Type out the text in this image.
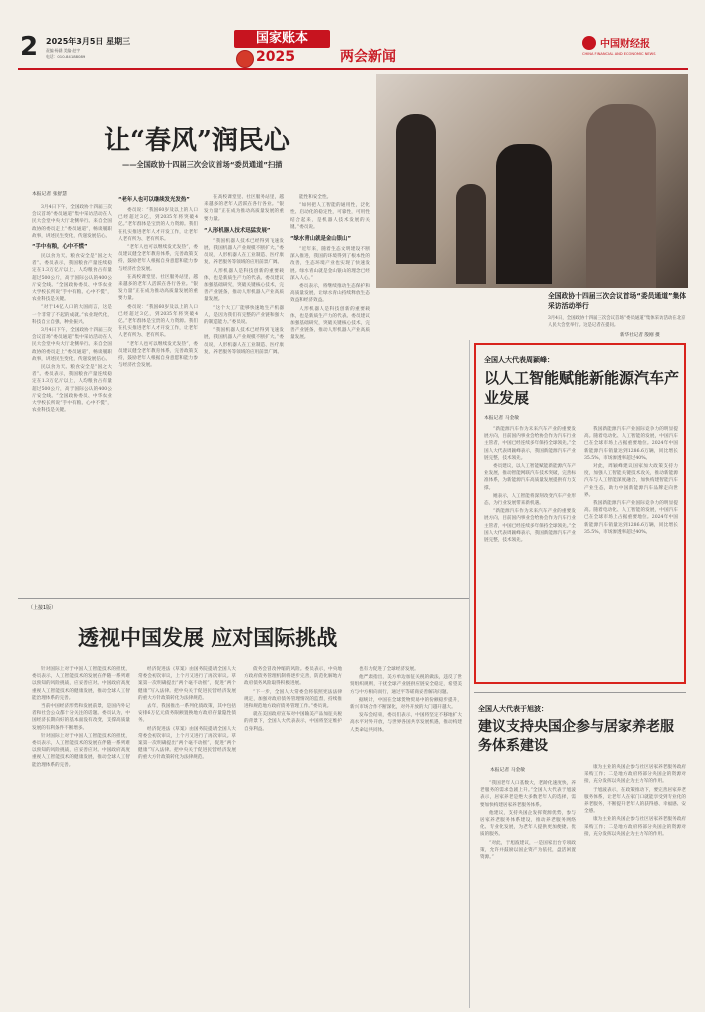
2 2025年3月5日 星期三
责编·杨涵 美编·赵宇
电话：010-84188089
国家账本
2025	两会新闻
中国财经报
CHINA FINANCIAL AND ECONOMIC NEWS
让“春风”润民心
——全国政协十四届三次会议首场“委员通道”扫描
本报记者 张舒慧

3月4日下午，全国政协十四届三次会议首场“委员通道”集中采访活动在人民大会堂中央大厅北侧举行。来自全国政协的委员走上“委员通道”，畅谈履职故事，讲述民生变化，传递发展信心。

“手中有粮，心中不慌”

民以食为天。粮食安全是“国之大者”。委员表示，我国粮食产量连续稳定在1.3万亿斤以上，人均粮食占有量超过500公斤，高于国际公认的400公斤安全线。“全国政协委员、中华农业大学校长所说“手中有粮、心中不慌”，农业科技是关键。

“对于14亿人口的大国而言，这是一个非常了不起的成就。”农业现代化，科技自立自强，种业振兴。

3月4日下午，全国政协十四届三次会议首场“委员通道”集中采访活动在人民大会堂中央大厅北侧举行。来自全国政协的委员走上“委员通道”，畅谈履职故事，讲述民生变化，传递发展信心。

民以食为天。粮食安全是“国之大者”。委员表示，我国粮食产量连续稳定在1.3万亿斤以上，人均粮食占有量超过500公斤，高于国际公认的400公斤安全线。“全国政协委员、中华农业大学校长所说“手中有粮、心中不慌”，农业科技是关键。

“老年人也可以继续发光发热”

委员说：“我国60岁及以上的人口已经超过3亿，到2035年将突破4亿。”老年群体是宝贵的人力资源。我们在扎实推进老年人才开发工作，让老年人老有所为、老有所乐。

“老年人也可以继续发光发热”，委员建议健全老年教育体系，完善政策支持，鼓励老年人根据自身意愿和能力参与经济社会发展。

在高校课堂里、社区服务站里，越来越多的老年人活跃在各行各业。“银发力量”正在成为推动高质量发展的重要力量。

委员说：“我国60岁及以上的人口已经超过3亿，到2035年将突破4亿。”老年群体是宝贵的人力资源。我们在扎实推进老年人才开发工作，让老年人老有所为、老有所乐。

“老年人也可以继续发光发热”，委员建议健全老年教育体系，完善政策支持，鼓励老年人根据自身意愿和能力参与经济社会发展。

在高校课堂里、社区服务站里，越来越多的老年人活跃在各行各业。“银发力量”正在成为推动高质量发展的重要力量。

“人形机器人技术迅猛发展”

“我国机器人技术已经得到飞速发展，我国机器人产业规模不断扩大。”委员说，人形机器人在工业制造、医疗康复、养老服务等领域的应用前景广阔。

人形机器人是科技创新的重要载体，也是新质生产力的代表。委员建议加强基础研究，突破关键核心技术，完善产业链条，推动人形机器人产业高质量发展。

“这个大工厂能够快速地生产机器人，是因为我们有完整的产业链和强大的制造能力。”委员说。

“我国机器人技术已经得到飞速发展，我国机器人产业规模不断扩大。”委员说，人形机器人在工业制造、医疗康复、养老服务等领域的应用前景广阔。

能性和安全性。

“如何把人工智能的通用性，泛化性、启动化的稳定性，可靠性，可用性结合起来，是机器人技术发展的关键。”委员说。

“绿水青山就是金山银山”

“近年来，随着生态文明建设不断深入推进，我国的环境得到了根本性的改善，生态环境产业也实现了快速发展。绿水青山就是金山银山的理念已经深入人心。”

委员表示，将继续推动生态保护和高质量发展，让绿水青山持续释放生态效益和经济效益。

人形机器人是科技创新的重要载体，也是新质生产力的代表。委员建议加强基础研究，突破关键核心技术，完善产业链条，推动人形机器人产业高质量发展。

全国政协十四届三次会议首场“委员通道”集体采访活动举行
3月4日，全国政协十四届三次会议首场“委员通道”集体采访活动在北京人民大会堂举行。这是记者在提问。
新华社记者 殷刚 摄
全国人大代表周颖峰：
以人工智能赋能新能源汽车产业发展
本报记者 马金敏

“新能源汽车作为未来汽车产业的重要发展方向，目前国内事业会给协会作为汽车行业主管者，中国已经连续多年保持全球领先。”全国人大代表周颖峰表示，我国新能源汽车产业链完整，技术领先。

委员建议，以人工智能赋能新能源汽车产业发展，推动智能网联汽车技术突破，完善标准体系，为新能源汽车高质量发展提供有力支撑。

她表示，人工智能将深刻改变汽车产业形态，为行业发展带来新机遇。

“新能源汽车作为未来汽车产业的重要发展方向，目前国内事业会给协会作为汽车行业主管者，中国已经连续多年保持全球领先。”全国人大代表周颖峰表示，我国新能源汽车产业链完整，技术领先。

我国新能源汽车产业国际竞争力的明显提高。随着电动化、人工智能的发展，中国汽车已在全球市场上占据重要地位。2024年中国新能源汽车销量达到1286.6万辆，同比增长35.5%，市场渗透率超过40%。

对此，周颖峰建议国家加大政策支持力度，加强人工智能关键技术攻关，推动新能源汽车与人工智能深度融合，加快构建智能汽车产业生态，助力中国新能源汽车品牌走向世界。

我国新能源汽车产业国际竞争力的明显提高。随着电动化、人工智能的发展，中国汽车已在全球市场上占据重要地位。2024年中国新能源汽车销量达到1286.6万辆，同比增长35.5%，市场渗透率超过40%。

全国人大代表于旭波：
建议支持央国企参与居家养老服务体系建设
本报记者 马金敏

“我国老年人口基数大，老龄化速度快，养老服务的需求急剧上升。”全国人大代表于旭波表示，居家养老是绝大多数老年人的选择，需要加快构建居家养老服务体系。

他建议，支持央国企发挥资源优势，参与居家养老服务体系建设，推动养老服务网络化、专业化发展，为老年人提供更加便捷、优质的服务。

“对此，于旭波建议，一是国家出台专项政策，允许并鼓励以国企资产为依托，盘活闲置资源。”

康为主业的央国企参与社区居家养老服务政府采购工作；二是地方政府将部分央国企的资源对接，充分发挥以央国企为主力军的作用。

于旭波表示，在政策推动下，要完善居家养老服务体系，让老年人在家门口就能享受到专业化的养老服务，不断提升老年人的获得感、幸福感、安全感。

康为主业的央国企参与社区居家养老服务政府采购工作；二是地方政府将部分央国企的资源对接，充分发挥以央国企为主力军的作用。

（上接1版）
透视中国发展 应对国际挑战

针对国际上对于中国人工智能技术的担忧，委员表示，人工智能技术的发展在伴随一系列难以预知的风险挑战，应妥善应对。中国政府高度重视人工智能技术的健康发展，推动全球人工智能治理体系的完善。

当前中国经济形势和发展前景，是国内外记者和社会公众都十分关注的话题。委员认为，中国经济长期向好的基本面没有改变，支撑高质量发展的有利条件不断增多。

针对国际上对于中国人工智能技术的担忧，委员表示，人工智能技术的发展在伴随一系列难以预知的风险挑战，应妥善应对。中国政府高度重视人工智能技术的健康发展，推动全球人工智能治理体系的完善。

经济促进法《草案》由国务院提请全国人大常委会初次审议，上个月又进行了再次审议。草案第一次明确提出“两个毫不动摇”，促进“两个健康”写入法律。把中央关于促进民营经济发展的重大方针政策转化为法律规范。

去年，我国推出一系列化债政策，其中包括安排6万亿元债务限额置换地方政府存量隐性债务。

经济促进法《草案》由国务院提请全国人大常委会初次审议，上个月又进行了再次审议。草案第一次明确提出“两个毫不动摇”，促进“两个健康”写入法律。把中央关于促进民营经济发展的重大方针政策转化为法律规范。

债务会冒改仲缩的风险。委员表示，中央地方政府债务管理机制将逐步完善，防范化解地方政府债务风险取得积极进展。

“下一步，全国人大常委会将依照宪法法律规定，加强对政府债务管理情况的监督，持续推进和规范地方政府债务管理工作。”委员说。

就在美国政府宣布对中国输美产品加征关税的背景下，全国人大代表表示，中国将坚定维护自身利益。

也有力促进了全球经济发展。

他严肃指出，美方单边加征关税的做法，违反了世贸组织规则，干扰全球产业链供应链安全稳定，希望美方与中方相向而行，通过平等磋商妥善解决问题。

据统计，中国在全球货物贸易中的份额稳步提升，新兴市场合作不断深化，对外开放的大门越开越大。

发布会结束，委员们表示，中国将坚定不移地扩大高水平对外开放，与世界各国共享发展机遇，推动构建人类命运共同体。
